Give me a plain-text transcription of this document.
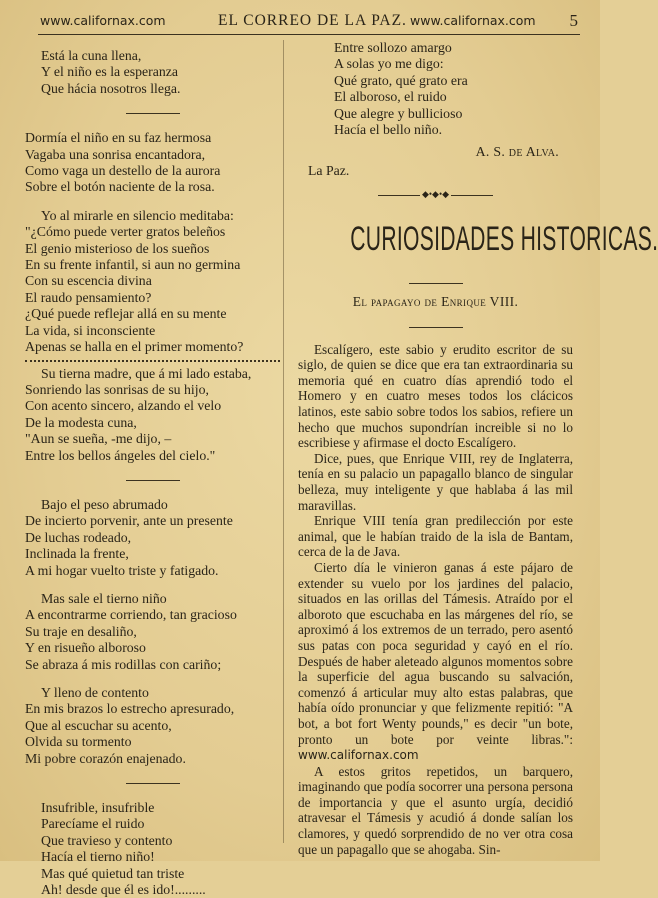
www.californax.com	EL CORREO DE LA PAZ. www.californax.com 5
Está la cuna llena,
Y el niño es la esperanza
Que hácia nosotros llega.
Dormía el niño en su faz hermosa
Vagaba una sonrisa encantadora,
Como vaga un destello de la aurora
Sobre el botón naciente de la rosa.
Yo al mirarle en silencio meditaba:
"¿Cómo puede verter gratos beleños
El genio misterioso de los sueños
En su frente infantil, si aun no germina
Con su escencia divina
El raudo pensamiento?
¿Qué puede reflejar allá en su mente
La vida, si inconsciente
Apenas se halla en el primer momento?
Su tierna madre, que á mi lado estaba,
Sonriendo las sonrisas de su hijo,
Con acento sincero, alzando el velo
De la modesta cuna,
"Aun se sueña, -me dijo, –
Entre los bellos ángeles del cielo."
Bajo el peso abrumado
De incierto porvenir, ante un presente
De luchas rodeado,
Inclinada la frente,
A mi hogar vuelto triste y fatigado.
Mas sale el tierno niño
A encontrarme corriendo, tan gracioso
Su traje en desaliño,
Y en risueño alboroso
Se abraza á mis rodillas con cariño;
Y lleno de contento
En mis brazos lo estrecho apresurado,
Que al escuchar su acento,
Olvida su tormento
Mi pobre corazón enajenado.
Insufrible, insufrible
Parecíame el ruido
Que travieso y contento
Hacía el tierno niño!
Mas qué quietud tan triste
Ah! desde que él es ido!.........
Entre sollozo amargo
A solas yo me digo:
Qué grato, qué grato era
El alboroso, el ruido
Que alegre y bullicioso
Hacía el bello niño.
A. S. de Alva.
La Paz.
◆•◆•◆
CURIOSIDADES HISTORICAS.
El papagayo de Enrique VIII.

Escalígero, este sabio y erudito escritor de su siglo, de quien se dice que era tan extraordinaria su memoria qué en cuatro días aprendió todo el Homero y en cuatro meses todos los clácicos latinos, este sabio sobre todos los sabios, refiere un hecho que muchos supondrían increible si no lo escribiese y afirmase el docto Escalígero.

Dice, pues, que Enrique VIII, rey de Inglaterra, tenía en su palacio un papagallo blanco de singular belleza, muy inteligente y que hablaba á las mil maravillas.

Enrique VIII tenía gran predilección por este animal, que le habían traido de la isla de Bantam, cerca de la de Java.

Cierto día le vinieron ganas á este pájaro de extender su vuelo por los jardines del palacio, situados en las orillas del Támesis. Atraído por el alboroto que escuchaba en las márgenes del río, se aproximó á los extremos de un terrado, pero asentó sus patas con poca seguridad y cayó en el río. Después de haber aleteado algunos momentos sobre la superficie del agua buscando su salvación, comenzó á articular muy alto estas palabras, que había oído pronunciar y que felizmente repitió: "A bot, a bot fort Wenty pounds," es decir "un bote, pronto un bote por veinte libras.": www.californax.com

A estos gritos repetidos, un barquero, imaginando que podía socorrer una persona persona de importancia y que el asunto urgía, decidió atravesar el Támesis y acudió á donde salían los clamores, y quedó sorprendido de no ver otra cosa que un papagallo que se ahogaba. Sin-
